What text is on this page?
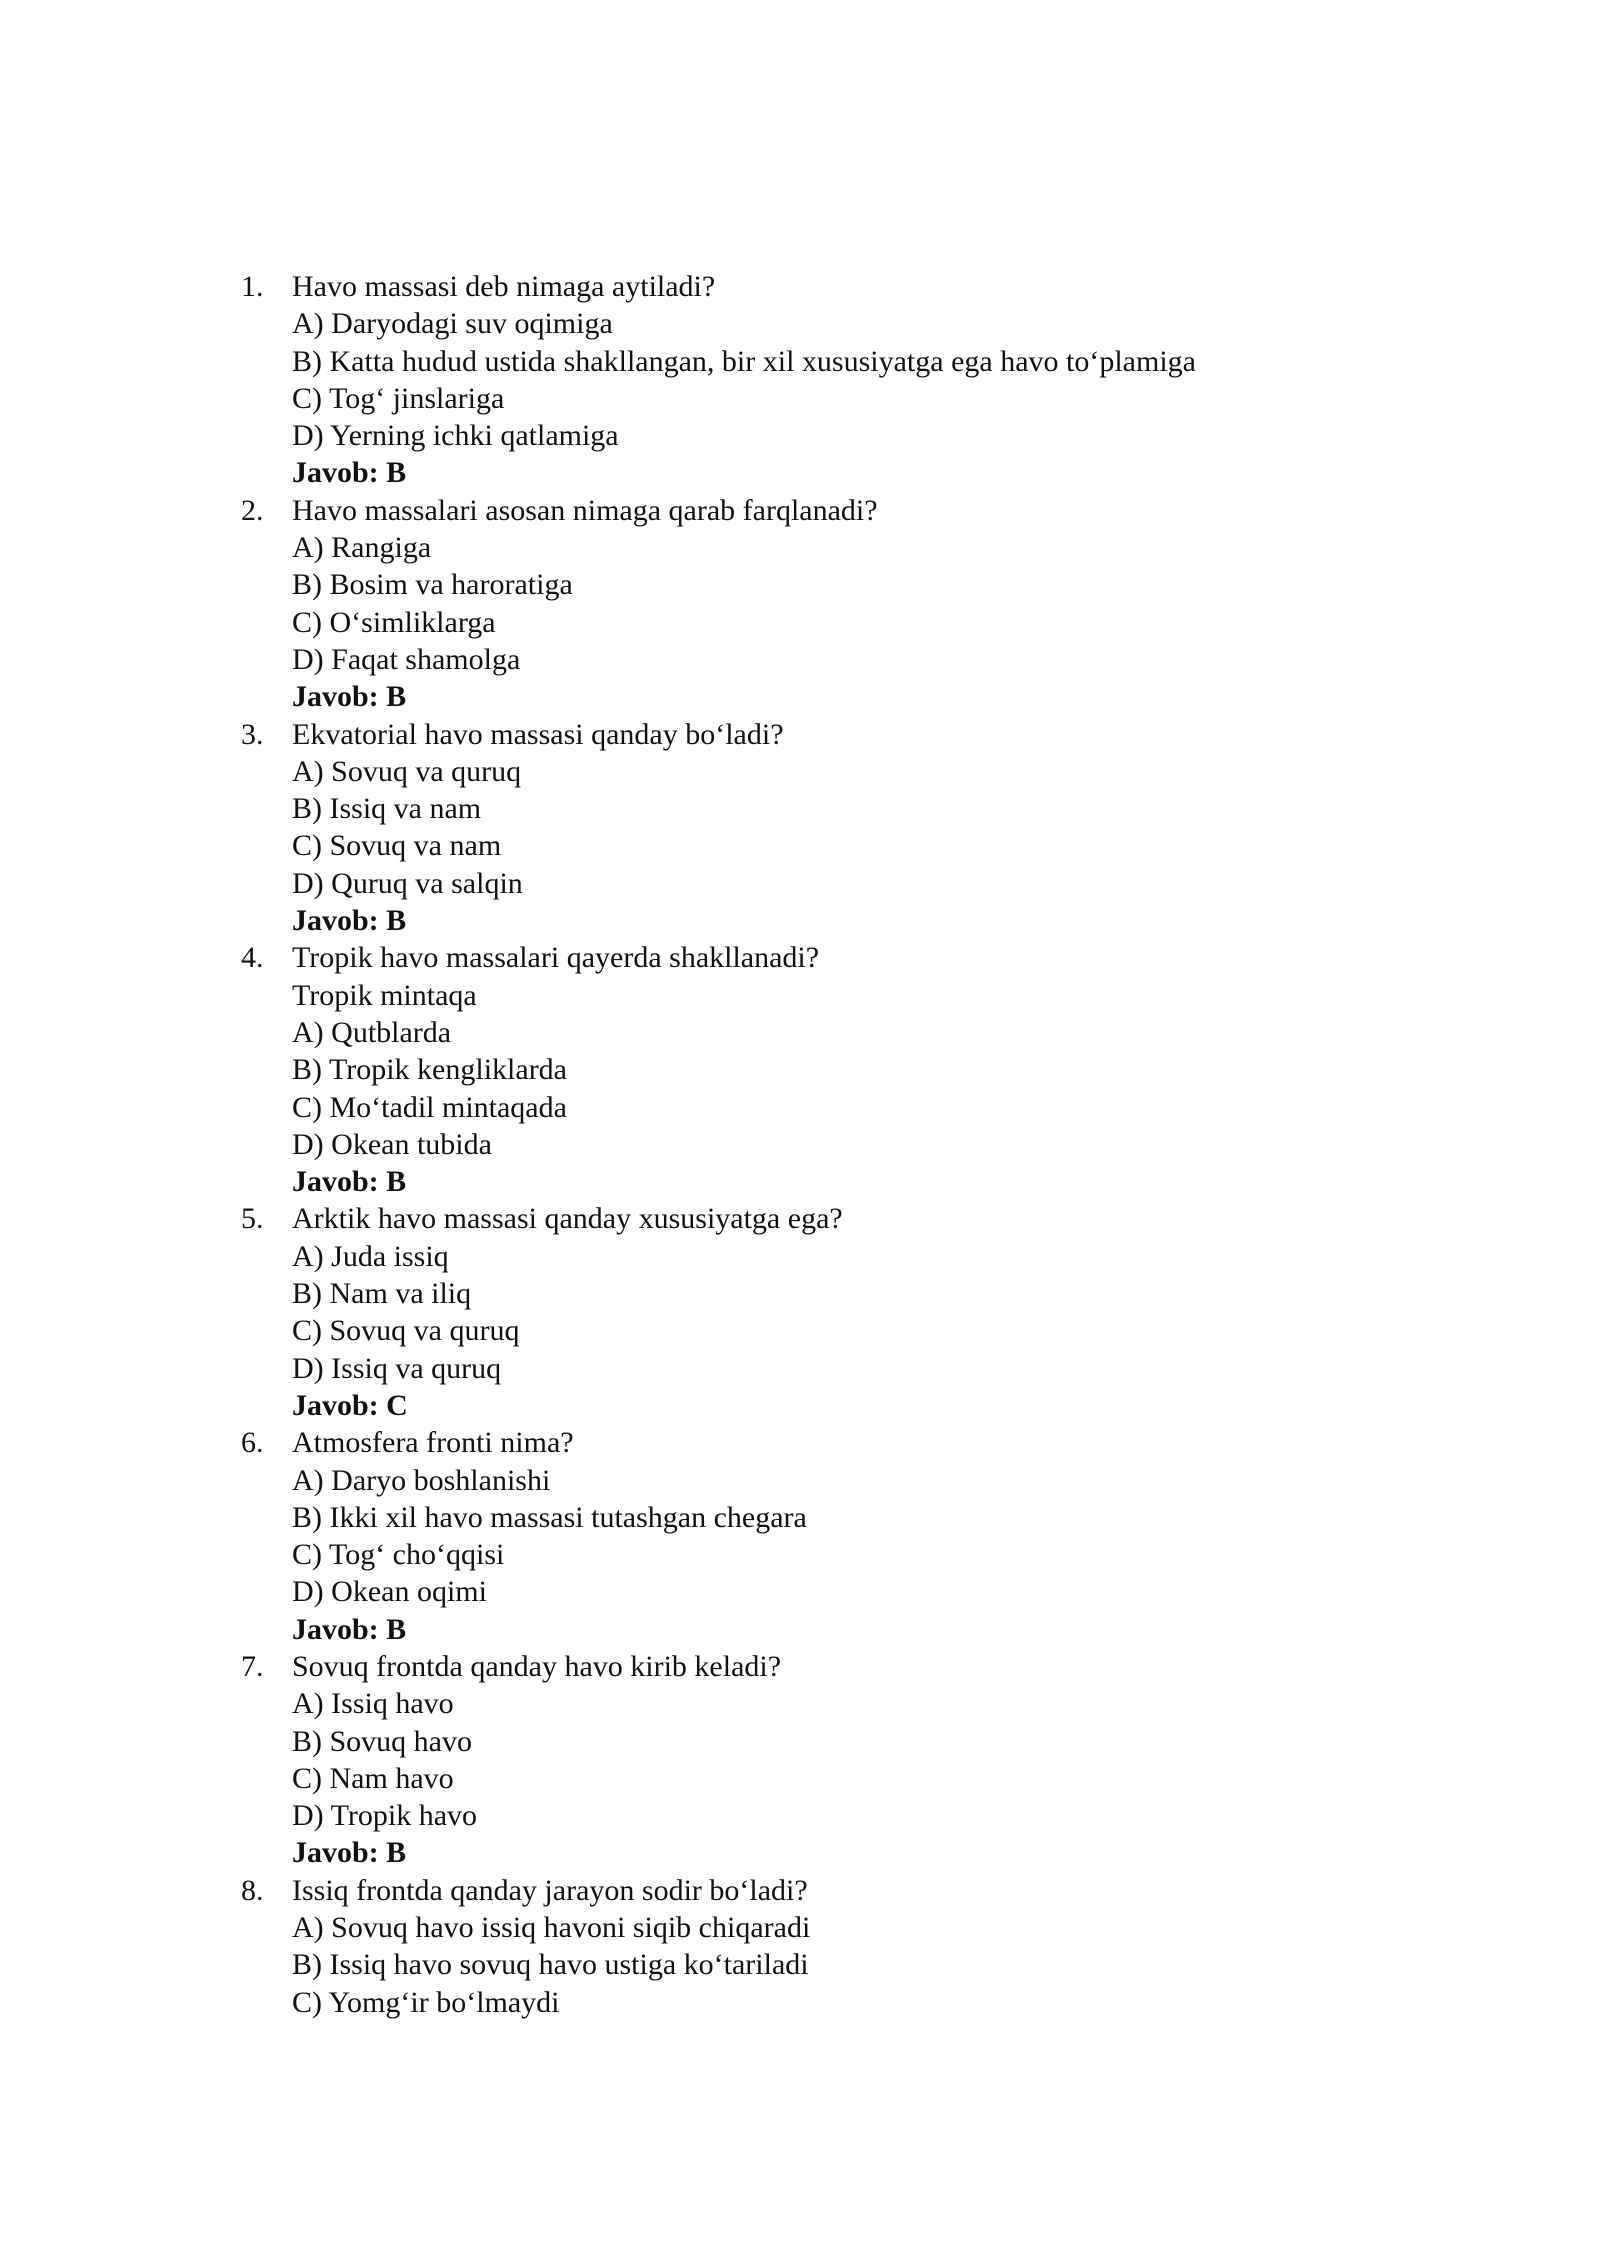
1. Havo massasi deb nimaga aytiladi?
A) Daryodagi suv oqimiga
B) Katta hudud ustida shakllangan, bir xil xususiyatga ega havo to‘plamiga
C) Tog‘ jinslariga
D) Yerning ichki qatlamiga
Javob: B
2. Havo massalari asosan nimaga qarab farqlanadi?
A) Rangiga
B) Bosim va haroratiga
C) O‘simliklarga
D) Faqat shamolga
Javob: B
3. Ekvatorial havo massasi qanday bo‘ladi?
A) Sovuq va quruq
B) Issiq va nam
C) Sovuq va nam
D) Quruq va salqin
Javob: B
4. Tropik havo massalari qayerda shakllanadi?
Tropik mintaqa
A) Qutblarda
B) Tropik kengliklarda
C) Mo‘tadil mintaqada
D) Okean tubida
Javob: B
5. Arktik havo massasi qanday xususiyatga ega?
A) Juda issiq
B) Nam va iliq
C) Sovuq va quruq
D) Issiq va quruq
Javob: C
6. Atmosfera fronti nima?
A) Daryo boshlanishi
B) Ikki xil havo massasi tutashgan chegara
C) Tog‘ cho‘qqisi
D) Okean oqimi
Javob: B
7. Sovuq frontda qanday havo kirib keladi?
A) Issiq havo
B) Sovuq havo
C) Nam havo
D) Tropik havo
Javob: B
8. Issiq frontda qanday jarayon sodir bo‘ladi?
A) Sovuq havo issiq havoni siqib chiqaradi
B) Issiq havo sovuq havo ustiga ko‘tariladi
C) Yomg‘ir bo‘lmaydi
